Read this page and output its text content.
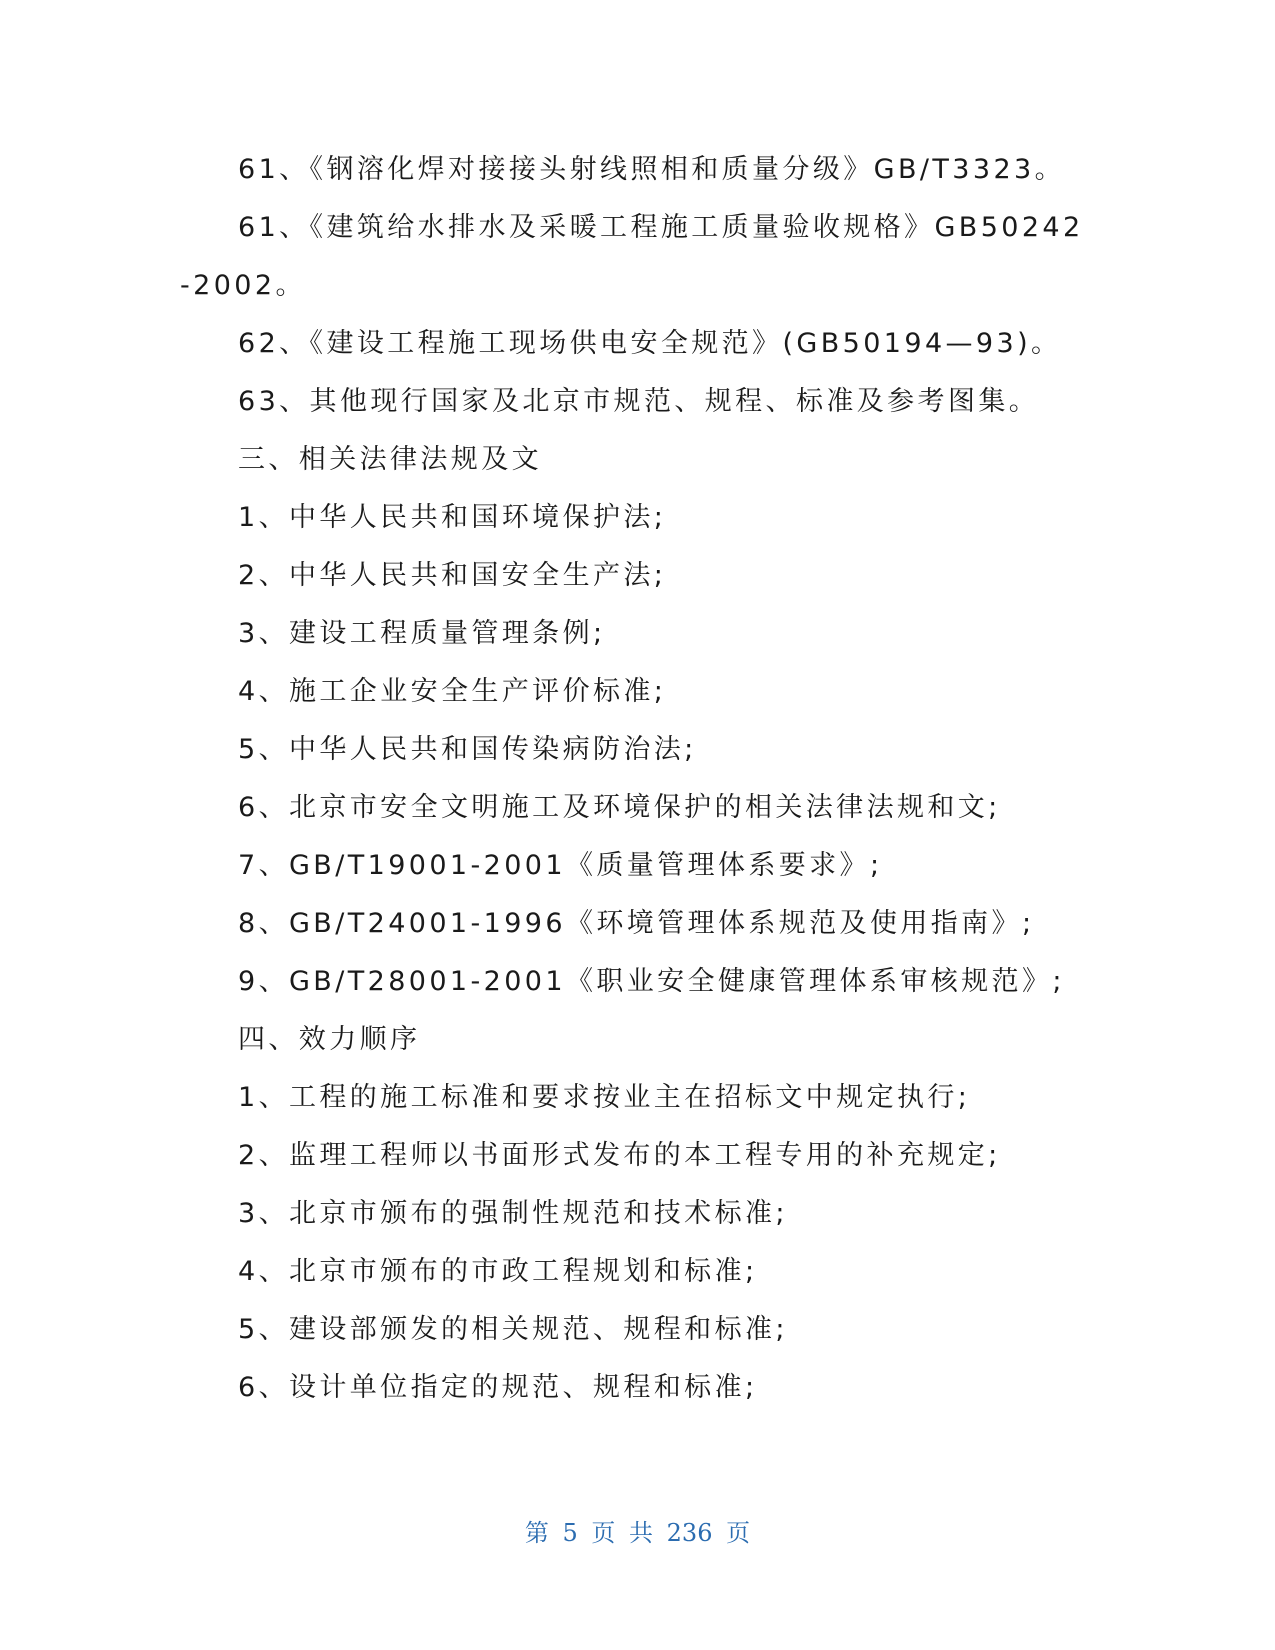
61、《钢溶化焊对接接头射线照相和质量分级》GB/T3323。
61、《建筑给水排水及采暖工程施工质量验收规格》GB50242
-2002。
62、《建设工程施工现场供电安全规范》(GB50194—93)。
63、其他现行国家及北京市规范、规程、标准及参考图集。
三、相关法律法规及文
1、中华人民共和国环境保护法;
2、中华人民共和国安全生产法;
3、建设工程质量管理条例;
4、施工企业安全生产评价标准;
5、中华人民共和国传染病防治法;
6、北京市安全文明施工及环境保护的相关法律法规和文;
7、GB/T19001-2001《质量管理体系要求》;
8、GB/T24001-1996《环境管理体系规范及使用指南》;
9、GB/T28001-2001《职业安全健康管理体系审核规范》;
四、效力顺序
1、工程的施工标准和要求按业主在招标文中规定执行;
2、监理工程师以书面形式发布的本工程专用的补充规定;
3、北京市颁布的强制性规范和技术标准;
4、北京市颁布的市政工程规划和标准;
5、建设部颁发的相关规范、规程和标准;
6、设计单位指定的规范、规程和标准;
第 5 页 共 236 页
